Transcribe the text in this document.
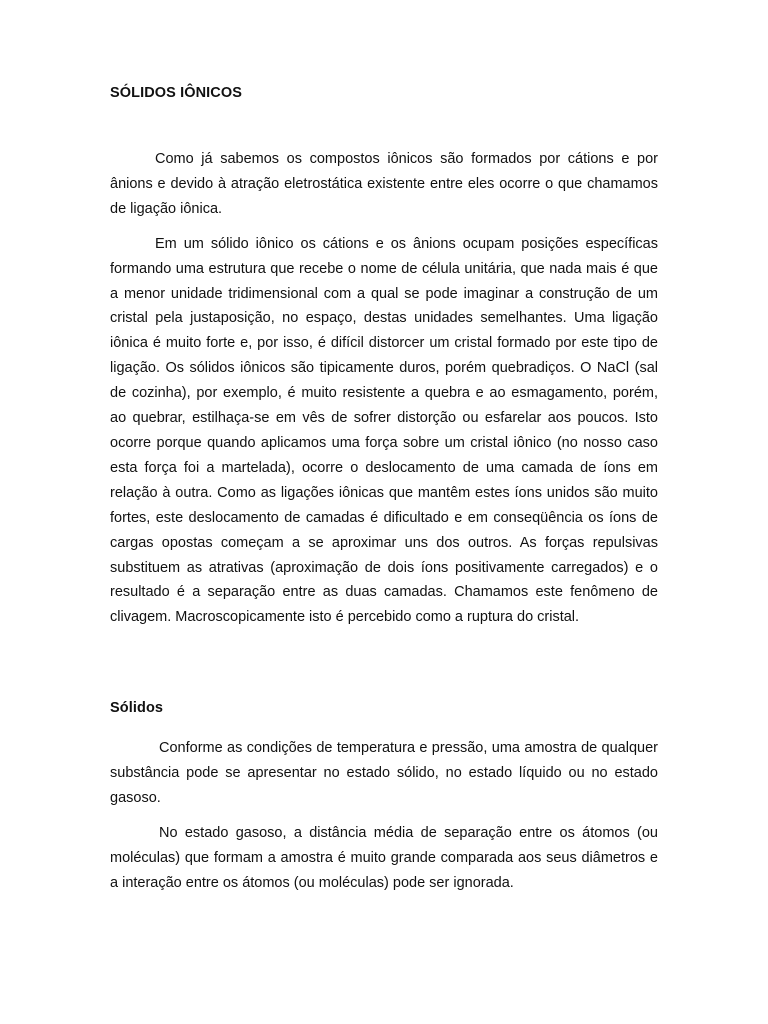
SÓLIDOS IÔNICOS

Como já sabemos os compostos iônicos são formados por cátions e por ânions e devido à atração eletrostática existente entre eles ocorre o que chamamos de ligação iônica.

Em um sólido iônico os cátions e os ânions ocupam posições específicas formando uma estrutura que recebe o nome de célula unitária, que nada mais é que a menor unidade tridimensional com a qual se pode imaginar a construção de um cristal pela justaposição, no espaço, destas unidades semelhantes. Uma ligação iônica é muito forte e, por isso, é difícil distorcer um cristal formado por este tipo de ligação. Os sólidos iônicos são tipicamente duros, porém quebradiços. O NaCl (sal de cozinha), por exemplo, é muito resistente a quebra e ao esmagamento, porém, ao quebrar, estilhaça-se em vês de sofrer distorção ou esfarelar aos poucos. Isto ocorre porque quando aplicamos uma força sobre um cristal iônico (no nosso caso esta força foi a martelada), ocorre o deslocamento de uma camada de íons em relação à outra. Como as ligações iônicas que mantêm estes íons unidos são muito fortes, este deslocamento de camadas é dificultado e em conseqüência os íons de cargas opostas começam a se aproximar uns dos outros. As forças repulsivas substituem as atrativas (aproximação de dois íons positivamente carregados) e o resultado é a separação entre as duas camadas. Chamamos este fenômeno de clivagem. Macroscopicamente isto é percebido como a ruptura do cristal.

Sólidos

Conforme as condições de temperatura e pressão, uma amostra de qualquer substância pode se apresentar no estado sólido, no estado líquido ou no estado gasoso.

No estado gasoso, a distância média de separação entre os átomos (ou moléculas) que formam a amostra é muito grande comparada aos seus diâmetros e a interação entre os átomos (ou moléculas) pode ser ignorada.
